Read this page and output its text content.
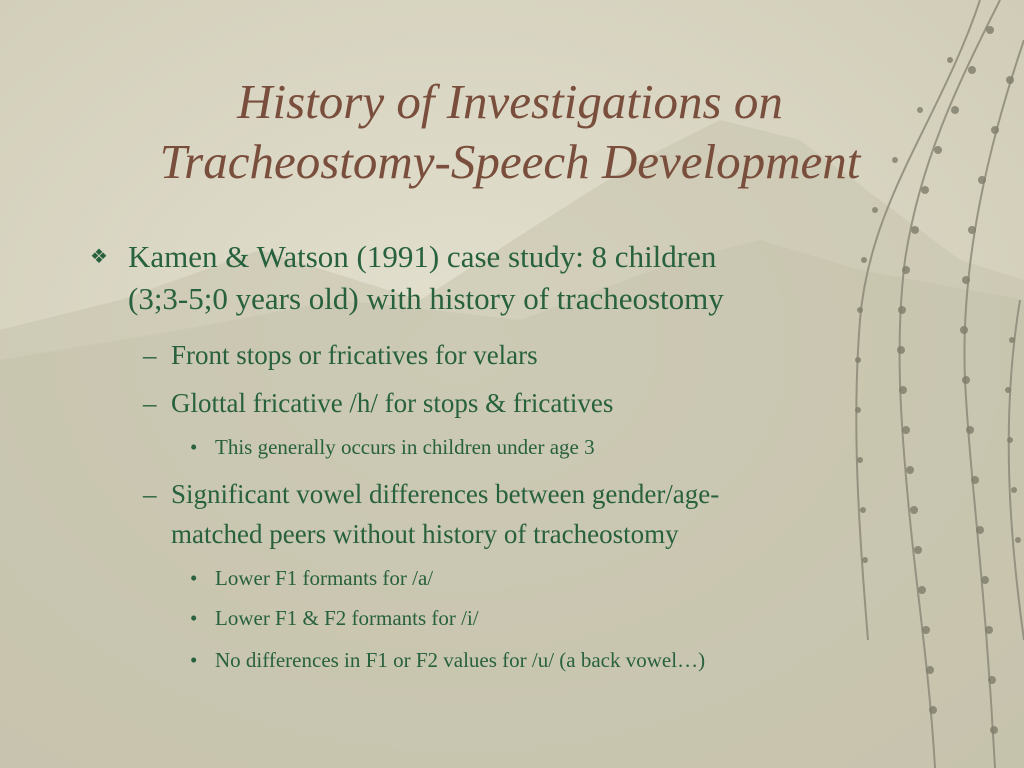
History of Investigations on
Tracheostomy-Speech Development
❖ Kamen & Watson (1991) case study: 8 children
(3;3-5;0 years old) with history of tracheostomy
– Front stops or fricatives for velars
– Glottal fricative /h/ for stops & fricatives
• This generally occurs in children under age 3
– Significant vowel differences between gender/age-
matched peers without history of tracheostomy
• Lower F1 formants for /a/
• Lower F1 & F2 formants for /i/
• No differences in F1 or F2 values for /u/ (a back vowel…)
